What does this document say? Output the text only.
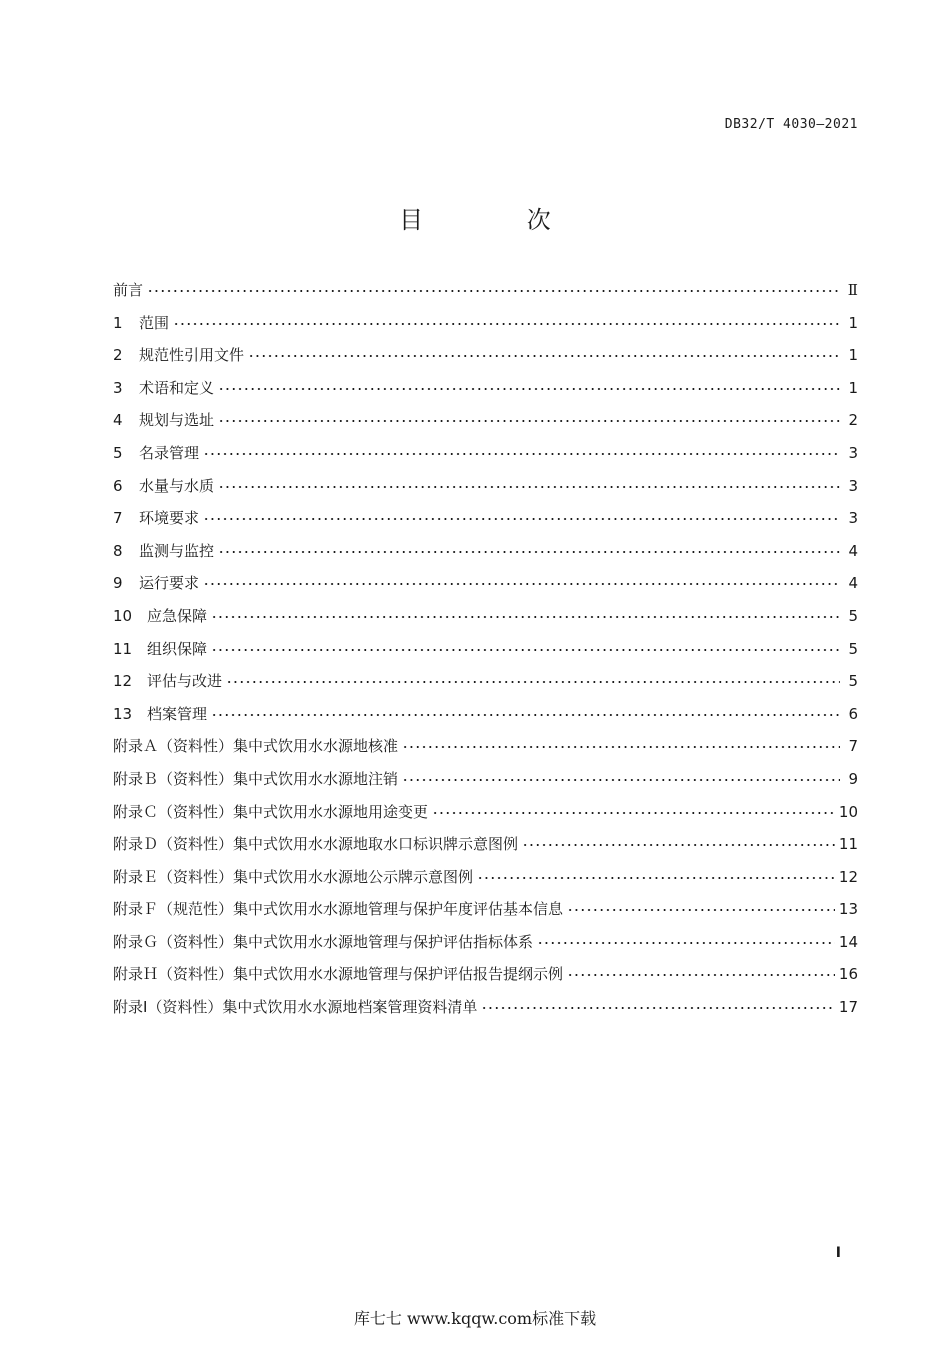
DB32/T 4030—2021
目 次
前言	Ⅱ
1	范围	1
2	规范性引用文件	1
3	术语和定义	1
4	规划与选址	2
5	名录管理	3
6	水量与水质	3
7	环境要求	3
8	监测与监控	4
9	运行要求	4
10 应急保障	5
11 组织保障	5
12 评估与改进	5
13 档案管理	6
附录Ａ（资料性）集中式饮用水水源地核准	7
附录Ｂ（资料性）集中式饮用水水源地注销	9
附录Ｃ（资料性）集中式饮用水水源地用途变更	10
附录Ｄ（资料性）集中式饮用水水源地取水口标识牌示意图例	11
附录Ｅ（资料性）集中式饮用水水源地公示牌示意图例	12
附录Ｆ（规范性）集中式饮用水水源地管理与保护年度评估基本信息	13
附录Ｇ（资料性）集中式饮用水水源地管理与保护评估指标体系	14
附录Ｈ（资料性）集中式饮用水水源地管理与保护评估报告提纲示例	16
附录Ⅰ（资料性）集中式饮用水水源地档案管理资料清单	17
I
库七七 www.kqqw.com标准下载
